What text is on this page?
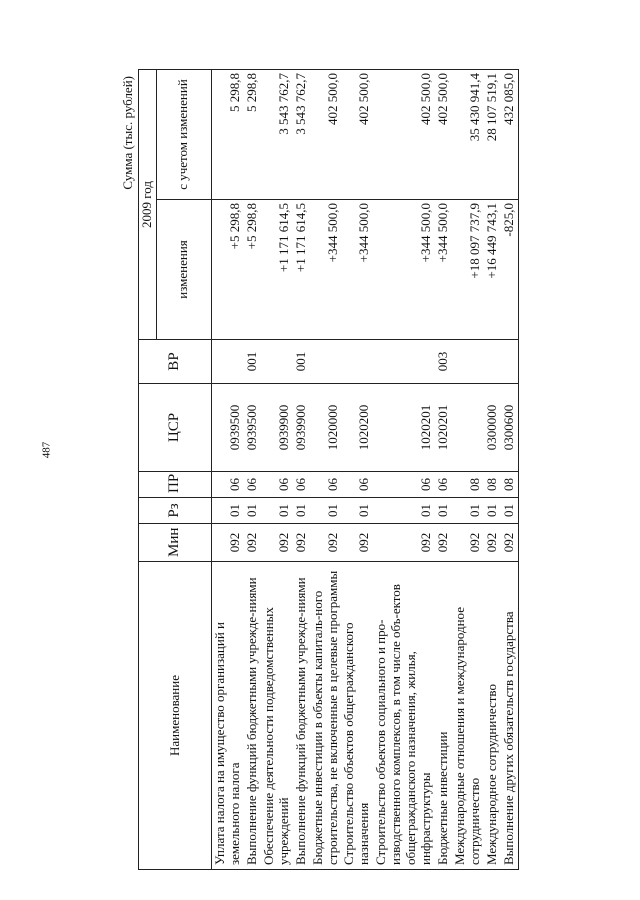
487
Сумма (тыс. рублей)
Наименование	Мин	Рз	ПР	ЦСР	ВР	2009 год	
						изменения	с учетом изменений
Уплата налога на имущество организаций и земельного налога	092	01	06	0939500		+5 298,8	5 298,8
Выполнение функций бюджетными учрежде-ниями	092	01	06	0939500	001	+5 298,8	5 298,8
Обеспечение деятельности подведомственных учреждений	092	01	06	0939900		+1 171 614,5	3 543 762,7
Выполнение функций бюджетными учрежде-ниями	092	01	06	0939900	001	+1 171 614,5	3 543 762,7
Бюджетные инвестиции в объекты капиталь-ного строительства, не включенные в целевые программы	092	01	06	1020000		+344 500,0	402 500,0
Строительство объектов общегражданского назначения	092	01	06	1020200		+344 500,0	402 500,0
Строительство объектов социального и про-изводственного комплексов, в том числе объ-ектов общегражданского назначения, жилья, инфраструктуры	092	01	06	1020201		+344 500,0	402 500,0
Бюджетные инвестиции	092	01	06	1020201	003	+344 500,0	402 500,0
Международные отношения и международное сотрудничество	092	01	08			+18 097 737,9	35 430 941,4
Международное сотрудничество	092	01	08	0300000		+16 449 743,1	28 107 519,1
Выполнение других обязательств государства	092	01	08	0300600		-825,0	432 085,0
